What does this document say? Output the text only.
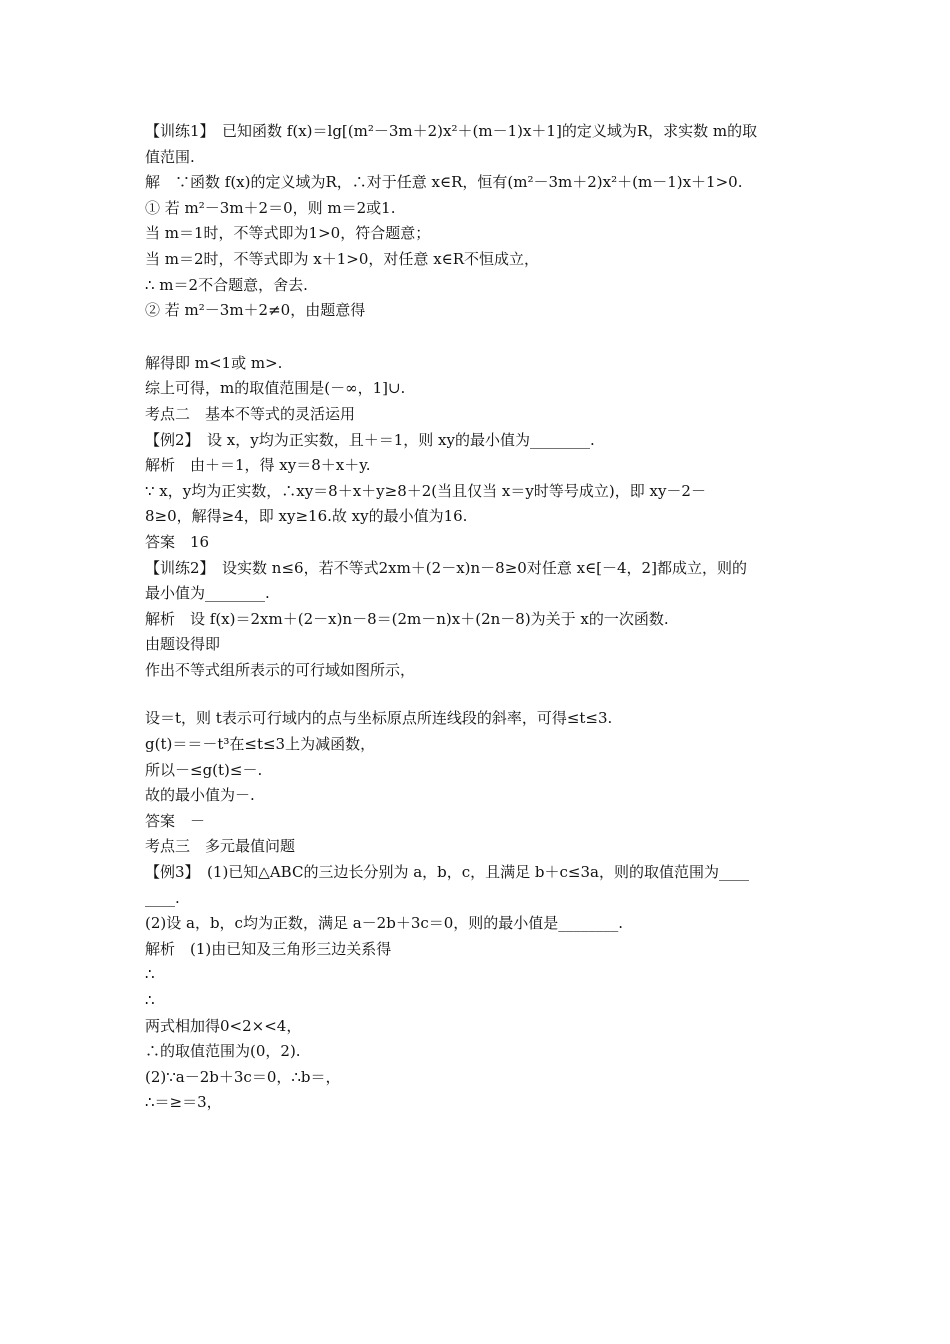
【训练1】　已知函数 f(x)＝lg[(m²－3m＋2)x²＋(m－1)x＋1]的定义域为R，求实数 m的取

值范围.

解　∵函数 f(x)的定义域为R，∴对于任意 x∈R，恒有(m²－3m＋2)x²＋(m－1)x＋1>0.

① 若 m²－3m＋2＝0，则 m＝2或1.

当 m＝1时，不等式即为1>0，符合题意；

当 m＝2时，不等式即为 x＋1>0，对任意 x∈R不恒成立，

∴ m＝2不合题意，舍去.

② 若 m²－3m＋2≠0，由题意得

解得即 m<1或 m>.

综上可得，m的取值范围是(－∞，1]∪.

考点二　基本不等式的灵活运用

【例2】　设 x，y均为正实数，且＋＝1，则 xy的最小值为________.

解析　由＋＝1，得 xy＝8＋x＋y.

∵ x，y均为正实数，∴xy＝8＋x＋y≥8＋2(当且仅当 x＝y时等号成立)，即 xy－2－

8≥0，解得≥4，即 xy≥16.故 xy的最小值为16.

答案　16

【训练2】　设实数 n≤6，若不等式2xm＋(2－x)n－8≥0对任意 x∈[－4，2]都成立，则的

最小值为________.

解析　设 f(x)＝2xm＋(2－x)n－8＝(2m－n)x＋(2n－8)为关于 x的一次函数.

由题设得即

作出不等式组所表示的可行域如图所示，

设＝t，则 t表示可行域内的点与坐标原点所连线段的斜率，可得≤t≤3.

g(t)＝＝－t³在≤t≤3上为减函数，

所以－≤g(t)≤－.

故的最小值为－.

答案　－

考点三　多元最值问题

【例3】　(1)已知△ABC的三边长分别为 a，b，c，且满足 b＋c≤3a，则的取值范围为____

____.

(2)设 a，b，c均为正数，满足 a－2b＋3c＝0，则的最小值是________.

解析　(1)由已知及三角形三边关系得

∴

∴

两式相加得0<2×<4，

∴的取值范围为(0，2).

(2)∵a－2b＋3c＝0，∴b＝，

∴＝≥＝3，
